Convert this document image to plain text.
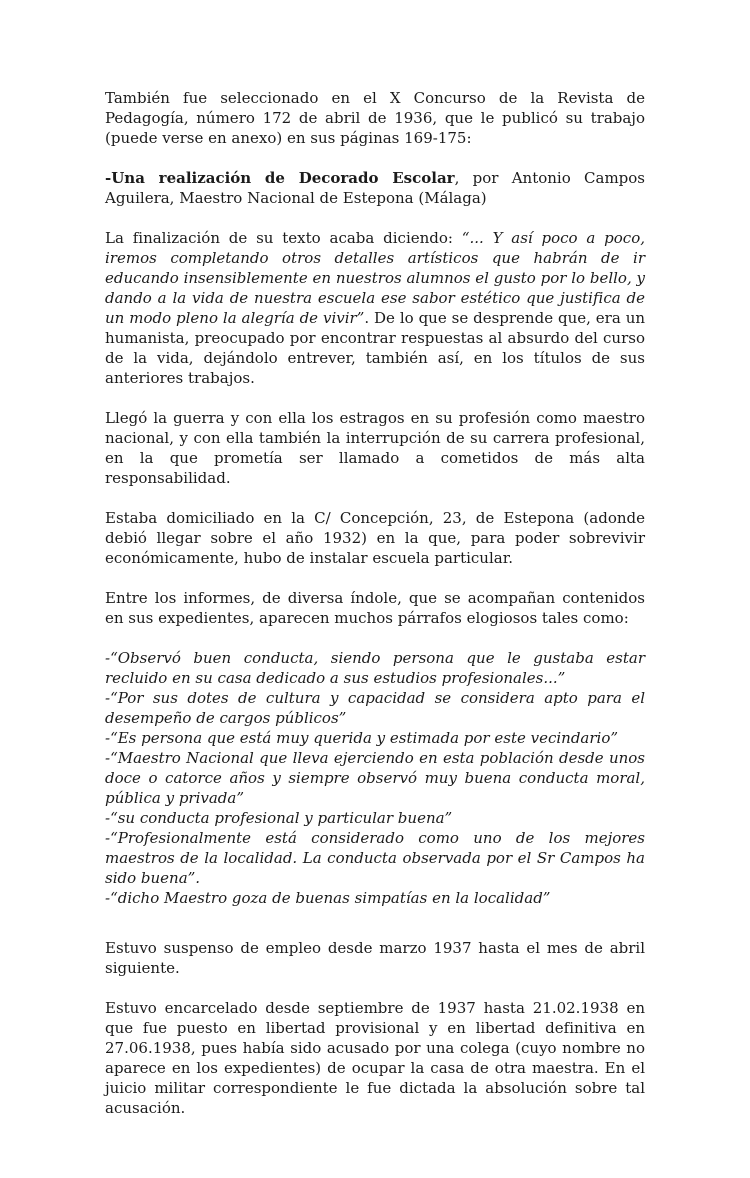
También fue seleccionado en el X Concurso de la Revista de Pedagogía, número 172 de abril de 1936, que le publicó su trabajo (puede verse en anexo) en sus páginas 169-175:

-Una realización de Decorado Escolar, por Antonio Campos Aguilera, Maestro Nacional de Estepona (Málaga)

La finalización de su texto acaba diciendo: “... Y así poco a poco, iremos completando otros detalles artísticos que habrán de ir educando insensiblemente en nuestros alumnos el gusto por lo bello, y dando a la vida de nuestra escuela ese sabor estético que justifica de un modo pleno la alegría de vivir”. De lo que se desprende que, era un humanista, preocupado por encontrar respuestas al absurdo del curso de la vida, dejándolo entrever, también así, en los títulos de sus anteriores trabajos.

Llegó la guerra y con ella los estragos en su profesión como maestro nacional, y con ella también la interrupción de su carrera profesional, en la que prometía ser llamado a cometidos de más alta responsabilidad.

Estaba domiciliado en la C/ Concepción, 23, de Estepona (adonde debió llegar sobre el año 1932) en la que, para poder sobrevivir económicamente, hubo de instalar escuela particular.

Entre los informes, de diversa índole, que se acompañan contenidos en sus expedientes, aparecen muchos párrafos elogiosos tales como:

-“Observó buen conducta, siendo persona que le gustaba estar recluido en su casa dedicado a sus estudios profesionales...”

-“Por sus dotes de cultura y capacidad se considera apto para el desempeño de cargos públicos”

-“Es persona que está muy querida y estimada por este vecindario”

-“Maestro Nacional que lleva ejerciendo en esta población desde unos doce o catorce años y siempre observó muy buena conducta moral, pública y privada”

-“su conducta profesional y particular buena”

-“Profesionalmente está considerado como uno de los mejores maestros de la localidad. La conducta observada por el Sr Campos ha sido buena”.

-“dicho Maestro goza de buenas simpatías en la localidad”

Estuvo suspenso de empleo desde marzo 1937 hasta el mes de abril siguiente.

Estuvo encarcelado desde septiembre de 1937 hasta 21.02.1938 en que fue puesto en libertad provisional y en libertad definitiva en 27.06.1938, pues había sido acusado por una colega (cuyo nombre no aparece en los expedientes) de ocupar la casa de otra maestra. En el juicio militar correspondiente le fue dictada la absolución sobre tal acusación.
